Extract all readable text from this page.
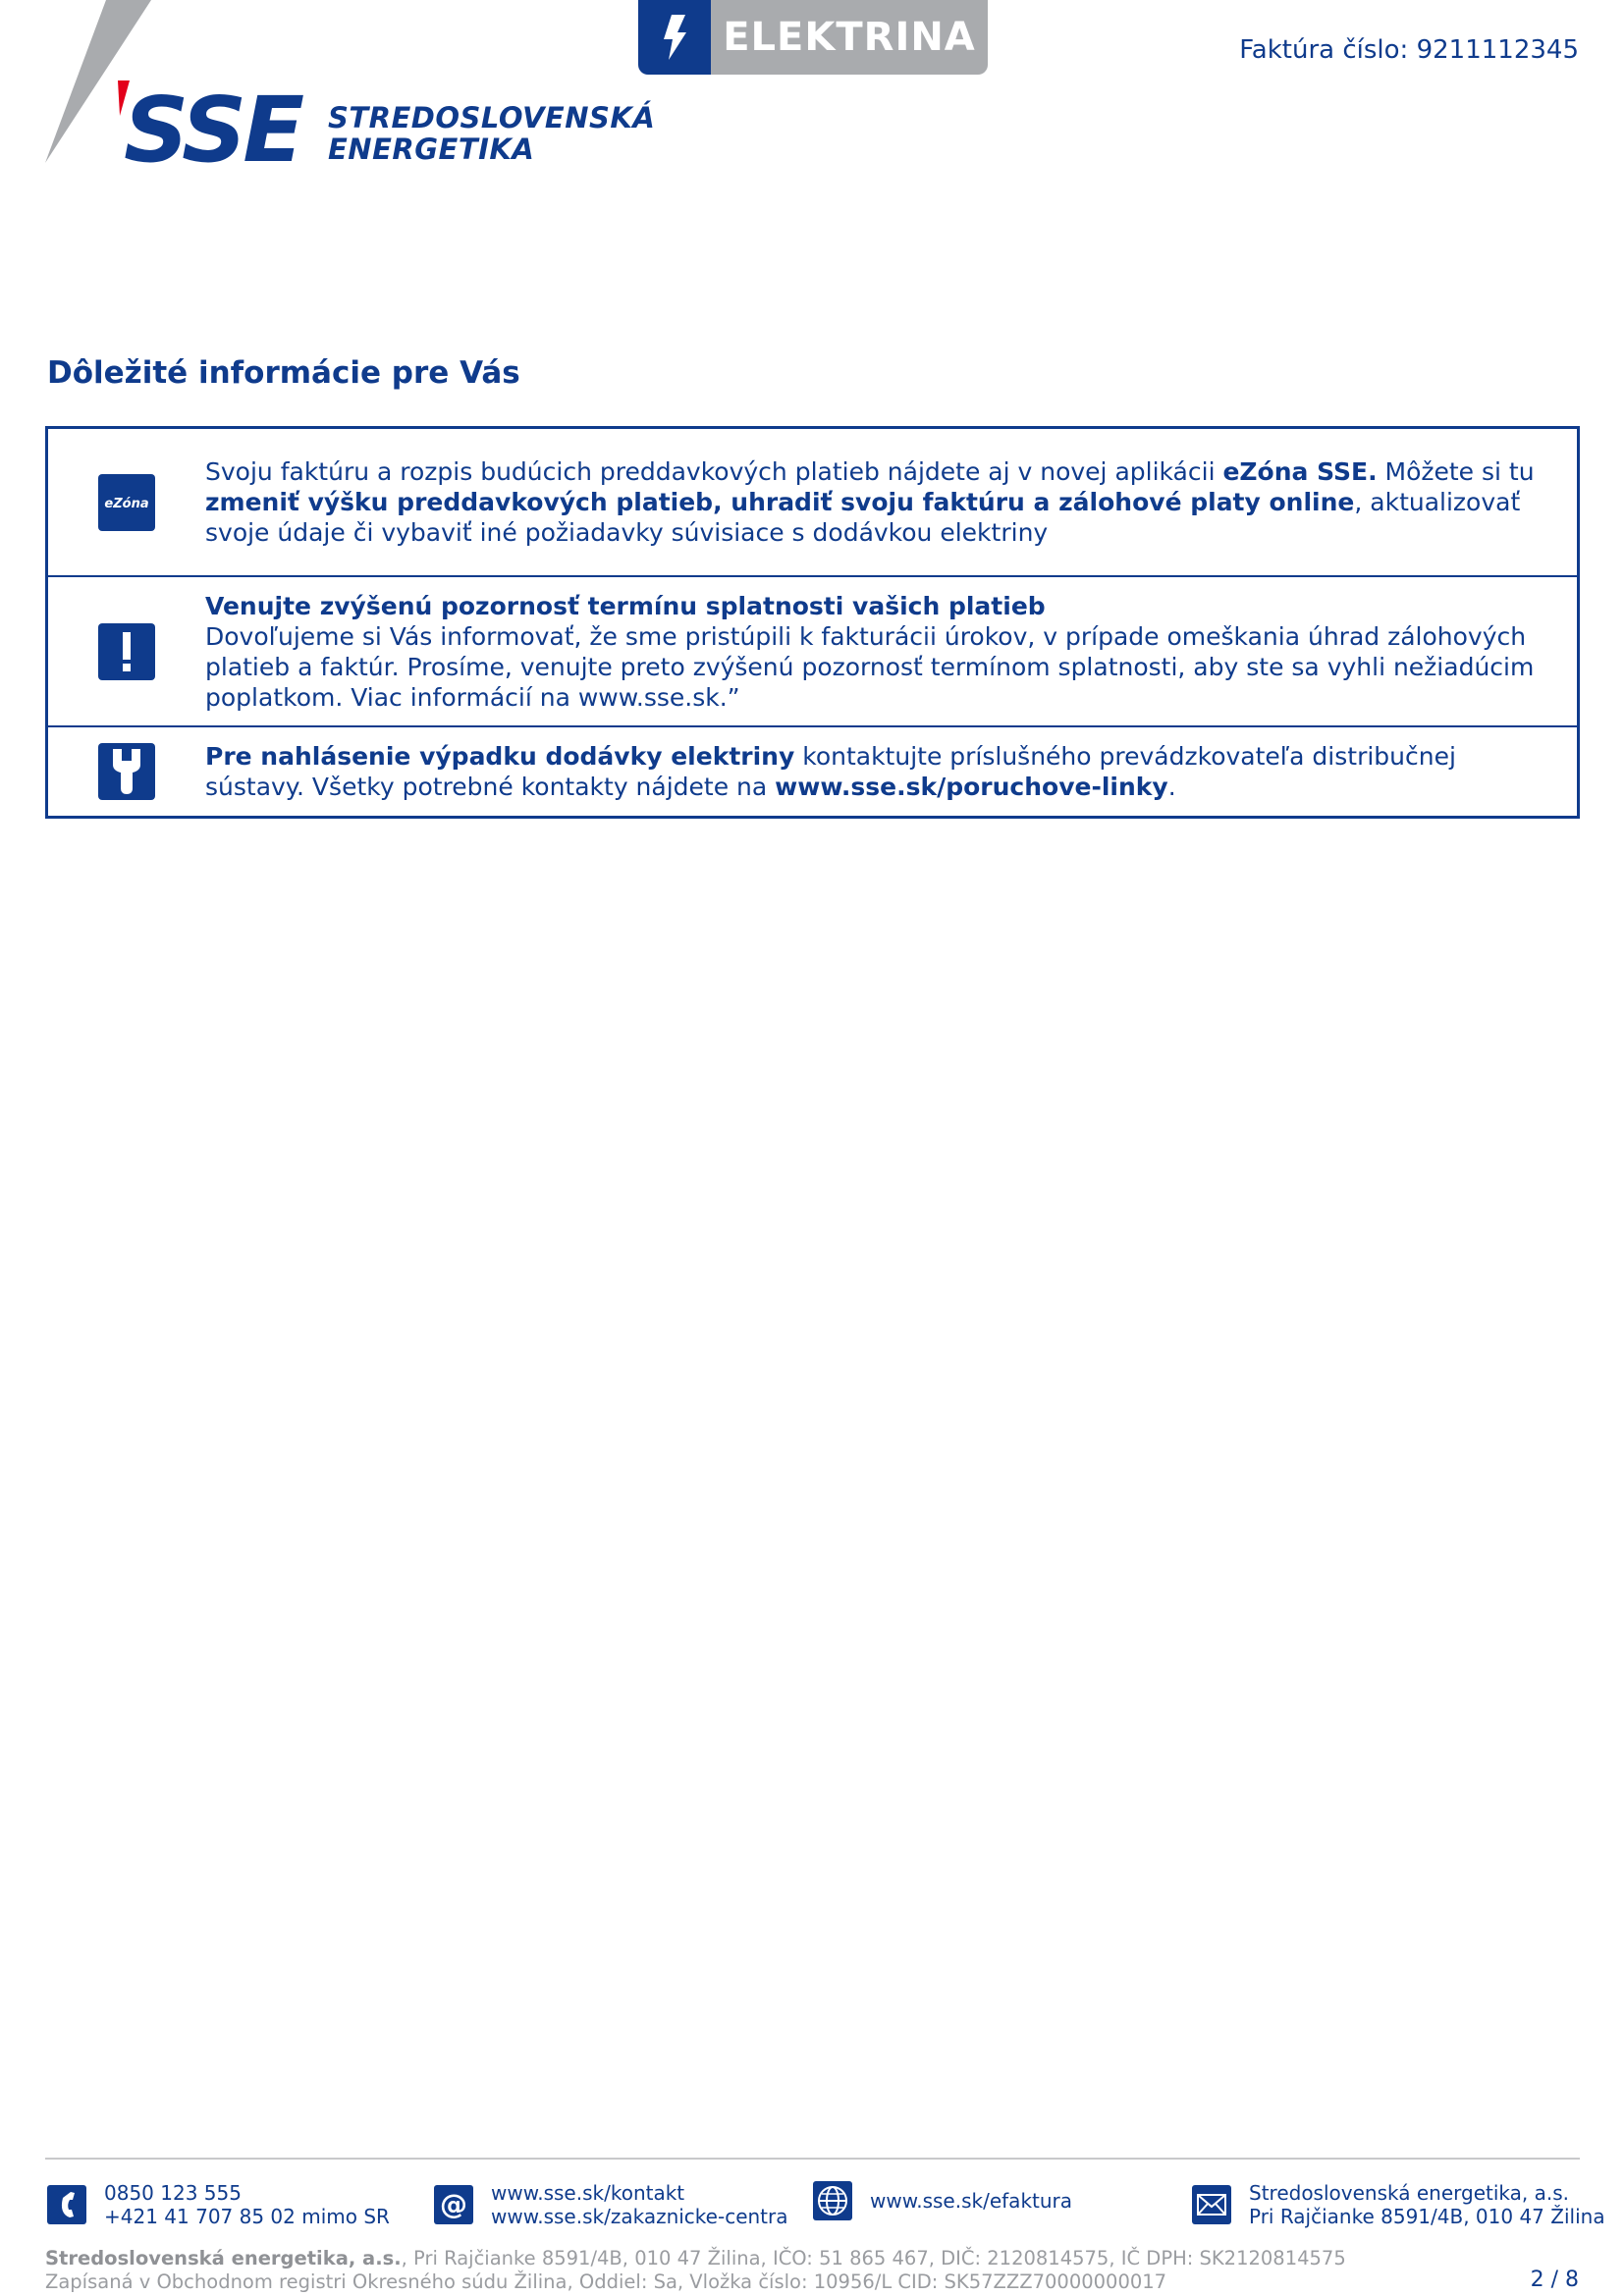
SSE STREDOSLOVENSKÁ
ENERGETIKA
ELEKTRINA	Faktúra číslo: 9211112345
Dôležité informácie pre Vás
eZóna
Svoju faktúru a rozpis budúcich preddavkových platieb nájdete aj v novej aplikácii eZóna SSE. Môžete si tu zmeniť výšku preddavkových platieb, uhradiť svoju faktúru a zálohové platy online, aktualizovať svoje údaje či vybaviť iné požiadavky súvisiace s dodávkou elektriny
Venujte zvýšenú pozornosť termínu splatnosti vašich platieb
Dovoľujeme si Vás informovať, že sme pristúpili k fakturácii úrokov, v prípade omeškania úhrad zálohových platieb a faktúr. Prosíme, venujte preto zvýšenú pozornosť termínom splatnosti, aby ste sa vyhli nežiadúcim poplatkom. Viac informácií na www.sse.sk.”
Pre nahlásenie výpadku dodávky elektriny kontaktujte príslušného prevádzkovateľa distribučnej sústavy. Všetky potrebné kontakty nájdete na www.sse.sk/poruchove-linky.
0850 123 555
+421 41 707 85 02 mimo SR @ www.sse.sk/kontakt
www.sse.sk/zakaznicke-centra
www.sse.sk/efaktura	Stredoslovenská energetika, a.s.
Pri Rajčianke 8591/4B, 010 47 Žilina
Stredoslovenská energetika, a.s., Pri Rajčianke 8591/4B, 010 47 Žilina, IČO: 51 865 467, DIČ: 2120814575, IČ DPH: SK2120814575
Zapísaná v Obchodnom registri Okresného súdu Žilina, Oddiel: Sa, Vložka číslo: 10956/L CID: SK57ZZZ70000000017	2 / 8
